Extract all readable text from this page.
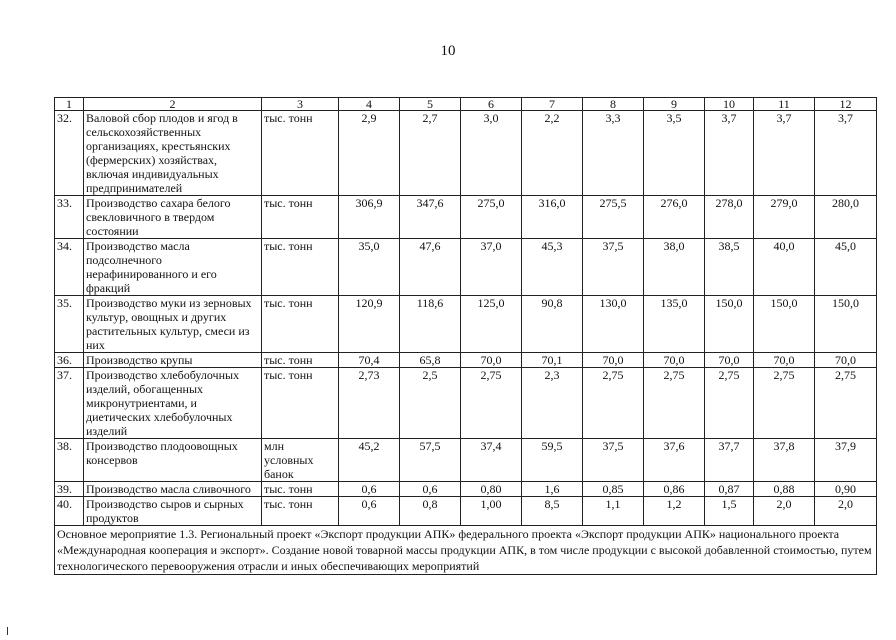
10
1	2	3	4	5	6	7	8	9	10	11	12
32.	Валовой сбор плодов и ягод в сельскохозяйственных организациях, крестьянских (фермерских) хозяйствах, включая индивидуальных предпринимателей	тыс. тонн	2,9	2,7	3,0	2,2	3,3	3,5	3,7	3,7	3,7
33.	Производство сахара белого свекловичного в твердом состоянии	тыс. тонн	306,9	347,6	275,0	316,0	275,5	276,0	278,0	279,0	280,0
34.	Производство масла подсолнечного нерафинированного и его фракций	тыс. тонн	35,0	47,6	37,0	45,3	37,5	38,0	38,5	40,0	45,0
35.	Производство муки из зерновых культур, овощных и других растительных культур, смеси из них	тыс. тонн	120,9	118,6	125,0	90,8	130,0	135,0	150,0	150,0	150,0
36.	Производство крупы	тыс. тонн	70,4	65,8	70,0	70,1	70,0	70,0	70,0	70,0	70,0
37.	Производство хлебобулочных изделий, обогащенных микронутриентами, и диетических хлебобулочных изделий	тыс. тонн	2,73	2,5	2,75	2,3	2,75	2,75	2,75	2,75	2,75
38.	Производство плодоовощных консервов	млн условных банок	45,2	57,5	37,4	59,5	37,5	37,6	37,7	37,8	37,9
39.	Производство масла сливочного	тыс. тонн	0,6	0,6	0,80	1,6	0,85	0,86	0,87	0,88	0,90
40.	Производство сыров и сырных продуктов	тыс. тонн	0,6	0,8	1,00	8,5	1,1	1,2	1,5	2,0	2,0
Основное мероприятие 1.3. Региональный проект «Экспорт продукции АПК» федерального проекта «Экспорт продукции АПК» национального проекта «Международная кооперация и экспорт». Создание новой товарной массы продукции АПК, в том числе продукции с высокой добавленной стоимостью, путем технологического перевооружения отрасли и иных обеспечивающих мероприятий											
